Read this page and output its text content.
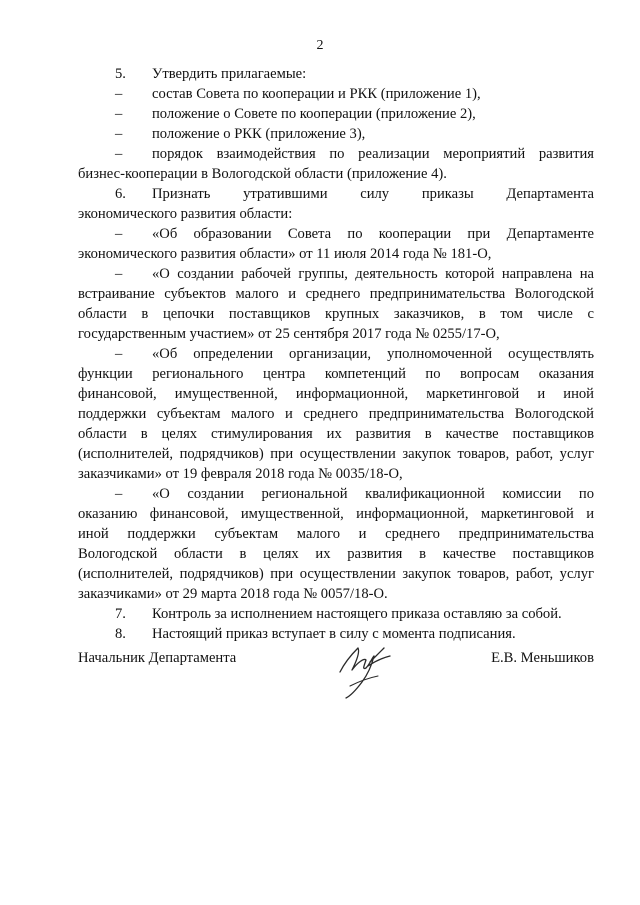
2
5. Утвердить прилагаемые:
– состав Совета по кооперации и РКК (приложение 1),
– положение о Совете по кооперации (приложение 2),
– положение о РКК (приложение 3),
– порядок взаимодействия по реализации мероприятий развития
бизнес-кооперации в Вологодской области (приложение 4).
6. Признать утратившими силу приказы Департамента
экономического развития области:
– «Об образовании Совета по кооперации при Департаменте
экономического развития области» от 11 июля 2014 года № 181-О,
– «О создании рабочей группы, деятельность которой направлена на
встраивание субъектов малого и среднего предпринимательства Вологодской
области в цепочки поставщиков крупных заказчиков, в том числе с
государственным участием» от 25 сентября 2017 года № 0255/17-О,
– «Об определении организации, уполномоченной осуществлять
функции регионального центра компетенций по вопросам оказания
финансовой, имущественной, информационной, маркетинговой и иной
поддержки субъектам малого и среднего предпринимательства Вологодской
области в целях стимулирования их развития в качестве поставщиков
(исполнителей, подрядчиков) при осуществлении закупок товаров, работ, услуг
заказчиками» от 19 февраля 2018 года № 0035/18-О,
– «О создании региональной квалификационной комиссии по
оказанию финансовой, имущественной, информационной, маркетинговой и
иной поддержки субъектам малого и среднего предпринимательства
Вологодской области в целях их развития в качестве поставщиков
(исполнителей, подрядчиков) при осуществлении закупок товаров, работ, услуг
заказчиками» от 29 марта 2018 года № 0057/18-О.
7. Контроль за исполнением настоящего приказа оставляю за собой.
8. Настоящий приказ вступает в силу с момента подписания.
Начальник Департамента	Е.В. Меньшиков
